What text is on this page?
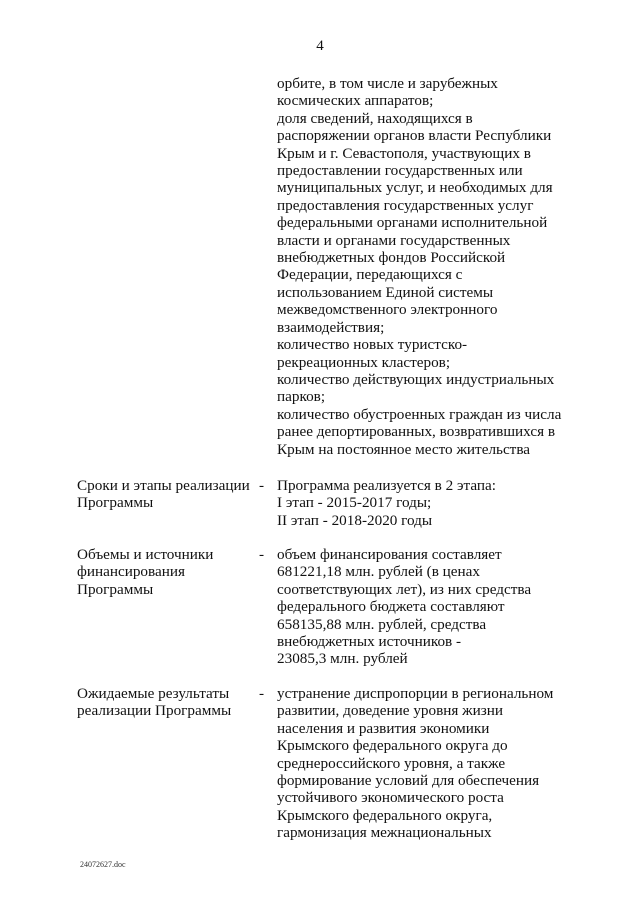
4
орбите, в том числе и зарубежных
космических аппаратов;
доля сведений, находящихся в
распоряжении органов власти Республики
Крым и г. Севастополя, участвующих в
предоставлении государственных или
муниципальных услуг, и необходимых для
предоставления государственных услуг
федеральными органами исполнительной
власти и органами государственных
внебюджетных фондов Российской
Федерации, передающихся с
использованием Единой системы
межведомственного электронного
взаимодействия;
количество новых туристско-
рекреационных кластеров;
количество действующих индустриальных
парков;
количество обустроенных граждан из числа
ранее депортированных, возвратившихся в
Крым на постоянное место жительства
Сроки и этапы реализации
Программы
- Программа реализуется в 2 этапа:
I этап - 2015-2017 годы;
II этап - 2018-2020 годы
Объемы и источники
финансирования
Программы
- объем финансирования составляет
681221,18 млн. рублей (в ценах
соответствующих лет), из них средства
федерального бюджета составляют
658135,88 млн. рублей, средства
внебюджетных источников -
23085,3 млн. рублей
Ожидаемые результаты
реализации Программы
- устранение диспропорции в региональном
развитии, доведение уровня жизни
населения и развития экономики
Крымского федерального округа до
среднероссийского уровня, а также
формирование условий для обеспечения
устойчивого экономического роста
Крымского федерального округа,
гармонизация межнациональных
24072627.doc
